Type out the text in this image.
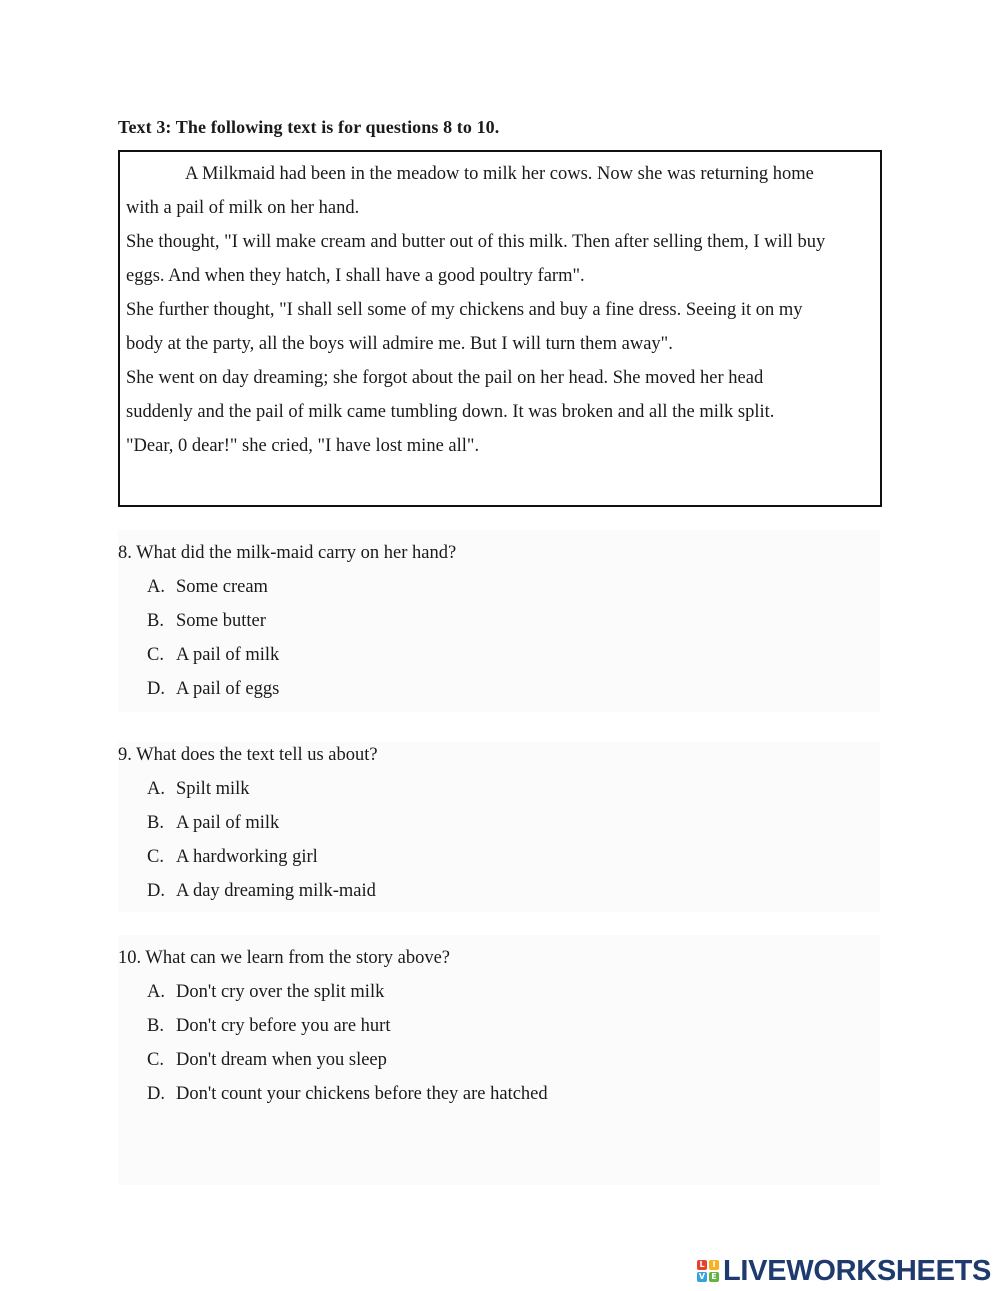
Text 3: The following text is for questions 8 to 10.
A Milkmaid had been in the meadow to milk her cows. Now she was returning home
with a pail of milk on her hand.
She thought, "I will make cream and butter out of this milk. Then after selling them, I will buy
eggs. And when they hatch, I shall have a good poultry farm".
She further thought, "I shall sell some of my chickens and buy a fine dress. Seeing it on my
body at the party, all the boys will admire me. But I will turn them away".
She went on day dreaming; she forgot about the pail on her head. She moved her head
suddenly and the pail of milk came tumbling down. It was broken and all the milk split.
"Dear, 0 dear!" she cried, "I have lost mine all".
8. What did the milk-maid carry on her hand?
A. Some cream
B. Some butter
C. A pail of milk
D. A pail of eggs
9. What does the text tell us about?
A. Spilt milk
B. A pail of milk
C. A hardworking girl
D. A day dreaming milk-maid
10. What can we learn from the story above?
A. Don't cry over the split milk
B. Don't cry before you are hurt
C. Don't dream when you sleep
D. Don't count your chickens before they are hatched
L I
V E LIVEWORKSHEETS
